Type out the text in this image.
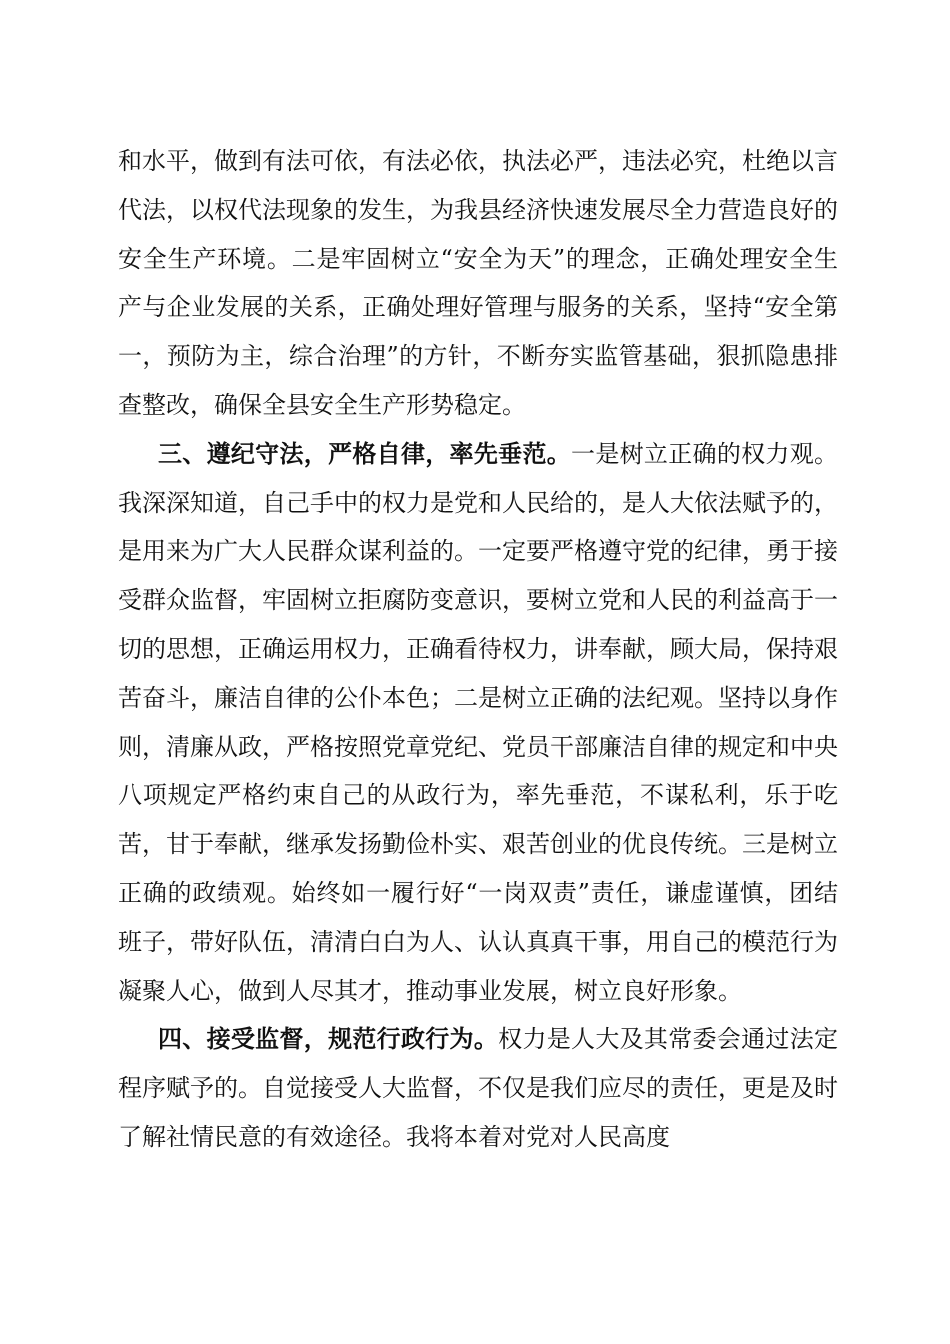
和水平，做到有法可依，有法必依，执法必严，违法必究，杜绝以言代法，以权代法现象的发生，为我县经济快速发展尽全力营造良好的安全生产环境。二是牢固树立“安全为天”的理念，正确处理安全生产与企业发展的关系，正确处理好管理与服务的关系，坚持“安全第一，预防为主，综合治理”的方针，不断夯实监管基础，狠抓隐患排查整改，确保全县安全生产形势稳定。

三、遵纪守法，严格自律，率先垂范。一是树立正确的权力观。我深深知道，自己手中的权力是党和人民给的，是人大依法赋予的，是用来为广大人民群众谋利益的。一定要严格遵守党的纪律，勇于接受群众监督，牢固树立拒腐防变意识，要树立党和人民的利益高于一切的思想，正确运用权力，正确看待权力，讲奉献，顾大局，保持艰苦奋斗，廉洁自律的公仆本色；二是树立正确的法纪观。坚持以身作则，清廉从政，严格按照党章党纪、党员干部廉洁自律的规定和中央八项规定严格约束自己的从政行为，率先垂范，不谋私利，乐于吃苦，甘于奉献，继承发扬勤俭朴实、艰苦创业的优良传统。三是树立正确的政绩观。始终如一履行好“一岗双责”责任，谦虚谨慎，团结班子，带好队伍，清清白白为人、认认真真干事，用自己的模范行为凝聚人心，做到人尽其才，推动事业发展，树立良好形象。

四、接受监督，规范行政行为。权力是人大及其常委会通过法定程序赋予的。自觉接受人大监督，不仅是我们应尽的责任，更是及时了解社情民意的有效途径。我将本着对党对人民高度
